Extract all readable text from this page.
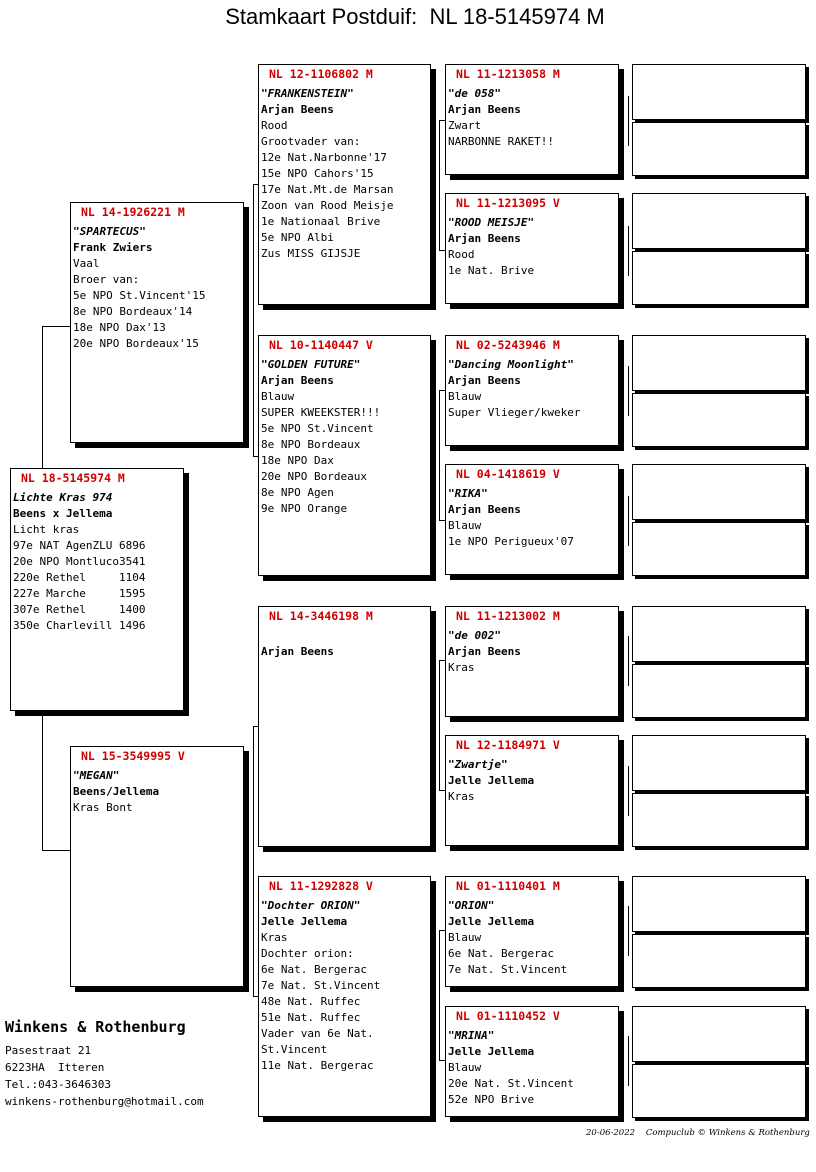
Stamkaart Postduif:  NL 18-5145974 M
NL 18-5145974 M
Lichte Kras 974
Beens x Jellema
Licht kras
97e NAT AgenZLU 6896
20e NPO Montluco3541
220e Rethel     1104
227e Marche     1595
307e Rethel     1400
350e Charlevill 1496
NL 14-1926221 M
"SPARTECUS"
Frank Zwiers
Vaal
Broer van:
5e NPO St.Vincent'15
8e NPO Bordeaux'14
18e NPO Dax'13
20e NPO Bordeaux'15
NL 15-3549995 V
"MEGAN"
Beens/Jellema
Kras Bont
NL 12-1106802 M
"FRANKENSTEIN"
Arjan Beens
Rood
Grootvader van:
12e Nat.Narbonne'17
15e NPO Cahors'15
17e Nat.Mt.de Marsan
Zoon van Rood Meisje
1e Nationaal Brive
5e NPO Albi
Zus MISS GIJSJE
NL 10-1140447 V
"GOLDEN FUTURE"
Arjan Beens
Blauw
SUPER KWEEKSTER!!!
5e NPO St.Vincent
8e NPO Bordeaux
18e NPO Dax
20e NPO Bordeaux
8e NPO Agen
9e NPO Orange
NL 14-3446198 M
Arjan Beens
NL 11-1292828 V
"Dochter ORION"
Jelle Jellema
Kras
Dochter orion:
6e Nat. Bergerac
7e Nat. St.Vincent
48e Nat. Ruffec
51e Nat. Ruffec
Vader van 6e Nat.
St.Vincent
11e Nat. Bergerac
NL 11-1213058 M
"de 058"
Arjan Beens
Zwart
NARBONNE RAKET!!
NL 11-1213095 V
"ROOD MEISJE"
Arjan Beens
Rood
1e Nat. Brive
NL 02-5243946 M
"Dancing Moonlight"
Arjan Beens
Blauw
Super Vlieger/kweker
NL 04-1418619 V
"RIKA"
Arjan Beens
Blauw
1e NPO Perigueux'07
NL 11-1213002 M
"de 002"
Arjan Beens
Kras
NL 12-1184971 V
"Zwartje"
Jelle Jellema
Kras
NL 01-1110401 M
"ORION"
Jelle Jellema
Blauw
6e Nat. Bergerac
7e Nat. St.Vincent
NL 01-1110452 V
"MRINA"
Jelle Jellema
Blauw
20e Nat. St.Vincent
52e NPO Brive
Winkens & Rothenburg
Pasestraat 21
6223HA  Itteren
Tel.:043-3646303
winkens-rothenburg@hotmail.com
20-06-2022 Compuclub © Winkens & Rothenburg
